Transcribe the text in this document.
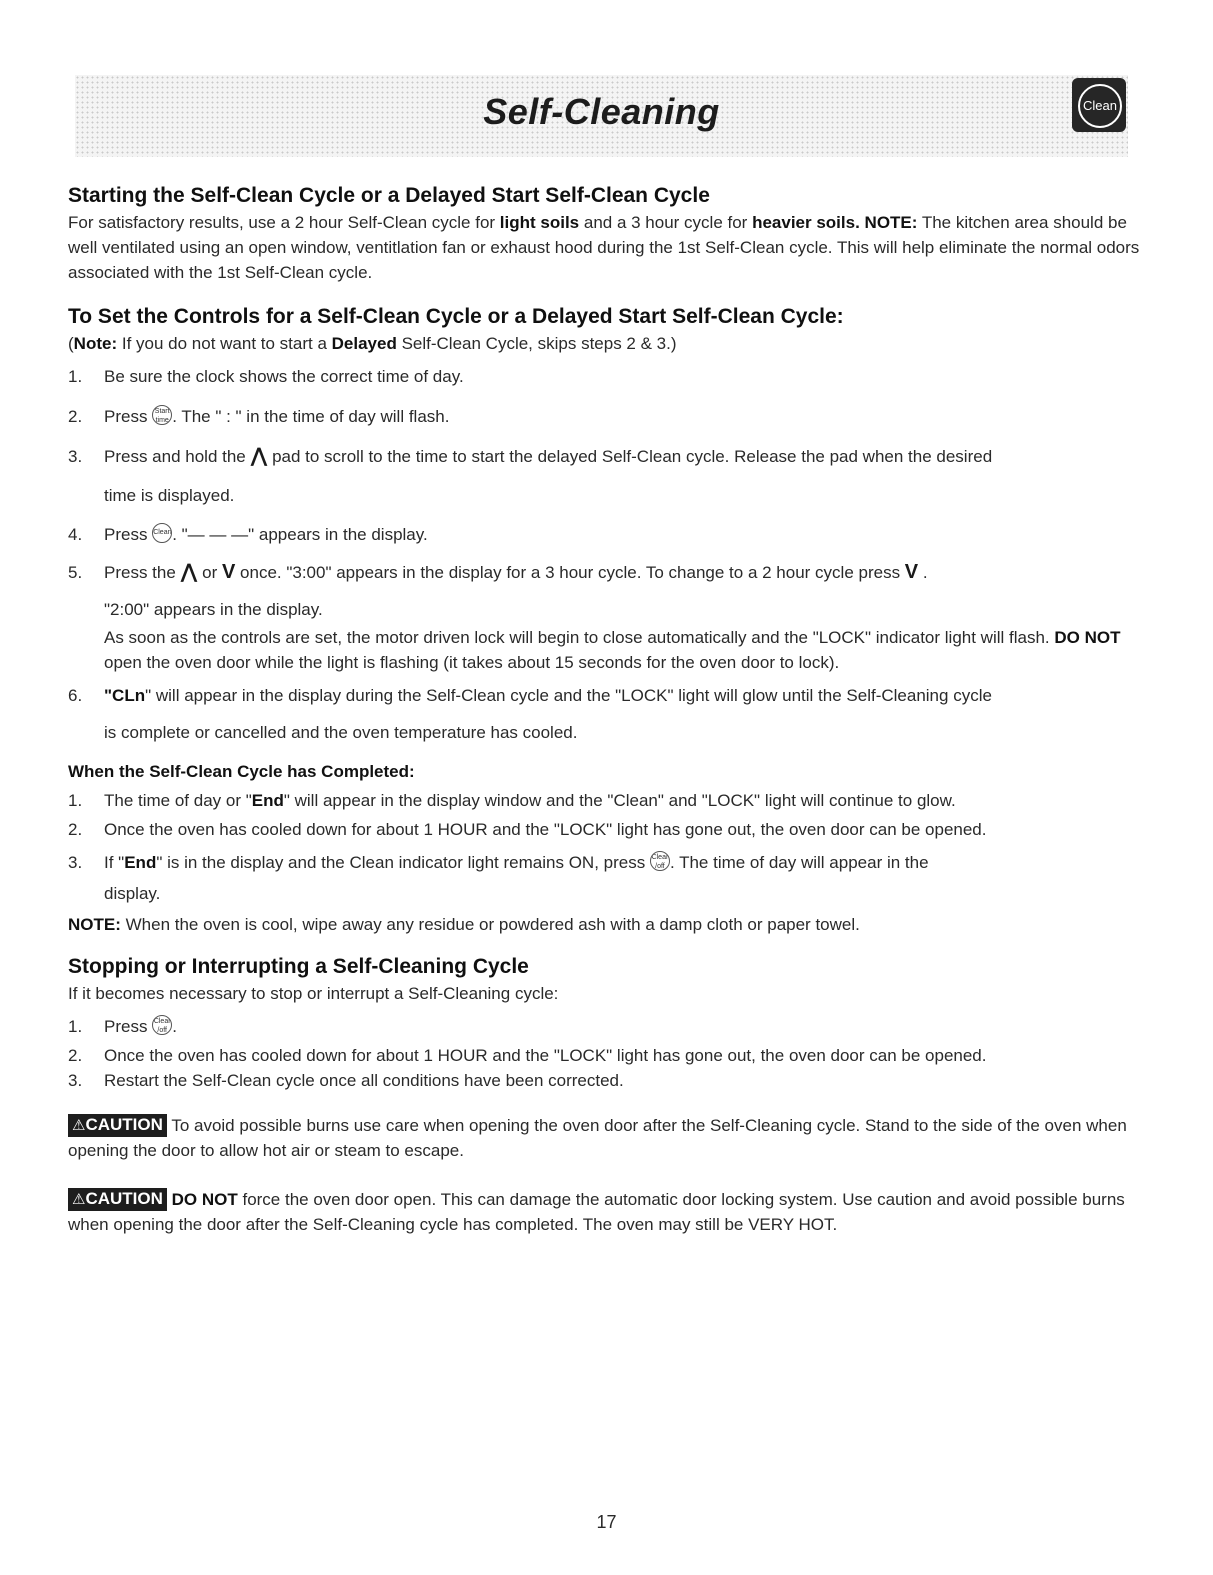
Self-Cleaning	Clean
Starting the Self-Clean Cycle or a Delayed Start Self-Clean Cycle

For satisfactory results, use a 2 hour Self-Clean cycle for light soils and a 3 hour cycle for heavier soils. NOTE: The kitchen area should be well ventilated using an open window, ventitlation fan or exhaust hood during the 1st Self-Clean cycle. This will help eliminate the normal odors associated with the 1st Self-Clean cycle.

To Set the Controls for a Self-Clean Cycle or a Delayed Start Self-Clean Cycle:

(Note: If you do not want to start a Delayed Self-Clean Cycle, skips steps 2 & 3.)

1. Be sure the clock shows the correct time of day.
2. Press Start
time . The " : " in the time of day will flash.
3. Press and hold the ⋀ pad to scroll to the time to start the delayed Self-Clean cycle. Release the pad when the desired
time is displayed.
4. Press Clean. "— — —" appears in the display.
5. Press the ⋀ or V once. "3:00" appears in the display for a 3 hour cycle. To change to a 2 hour cycle press V .
"2:00" appears in the display.
As soon as the controls are set, the motor driven lock will begin to close automatically and the "LOCK" indicator light will flash. DO NOT open the oven door while the light is flashing (it takes about 15 seconds for the oven door to lock).
6. "CLn" will appear in the display during the Self-Clean cycle and the "LOCK" light will glow until the Self-Cleaning cycle
is complete or cancelled and the oven temperature has cooled.
When the Self-Clean Cycle has Completed:
1. The time of day or "End" will appear in the display window and the "Clean" and "LOCK" light will continue to glow.
2. Once the oven has cooled down for about 1 HOUR and the "LOCK" light has gone out, the oven door can be opened.
3. If "End" is in the display and the Clean indicator light remains ON, press Clear
/off . The time of day will appear in the
display.

NOTE: When the oven is cool, wipe away any residue or powdered ash with a damp cloth or paper towel.

Stopping or Interrupting a Self-Cleaning Cycle

If it becomes necessary to stop or interrupt a Self-Cleaning cycle:

1. Press Clear
/off .
2. Once the oven has cooled down for about 1 HOUR and the "LOCK" light has gone out, the oven door can be opened.
3. Restart the Self-Clean cycle once all conditions have been corrected.

⚠CAUTION To avoid possible burns use care when opening the oven door after the Self-Cleaning cycle. Stand to the side of the oven when opening the door to allow hot air or steam to escape.

⚠CAUTION DO NOT force the oven door open. This can damage the automatic door locking system. Use caution and avoid possible burns when opening the door after the Self-Cleaning cycle has completed. The oven may still be VERY HOT.

17
